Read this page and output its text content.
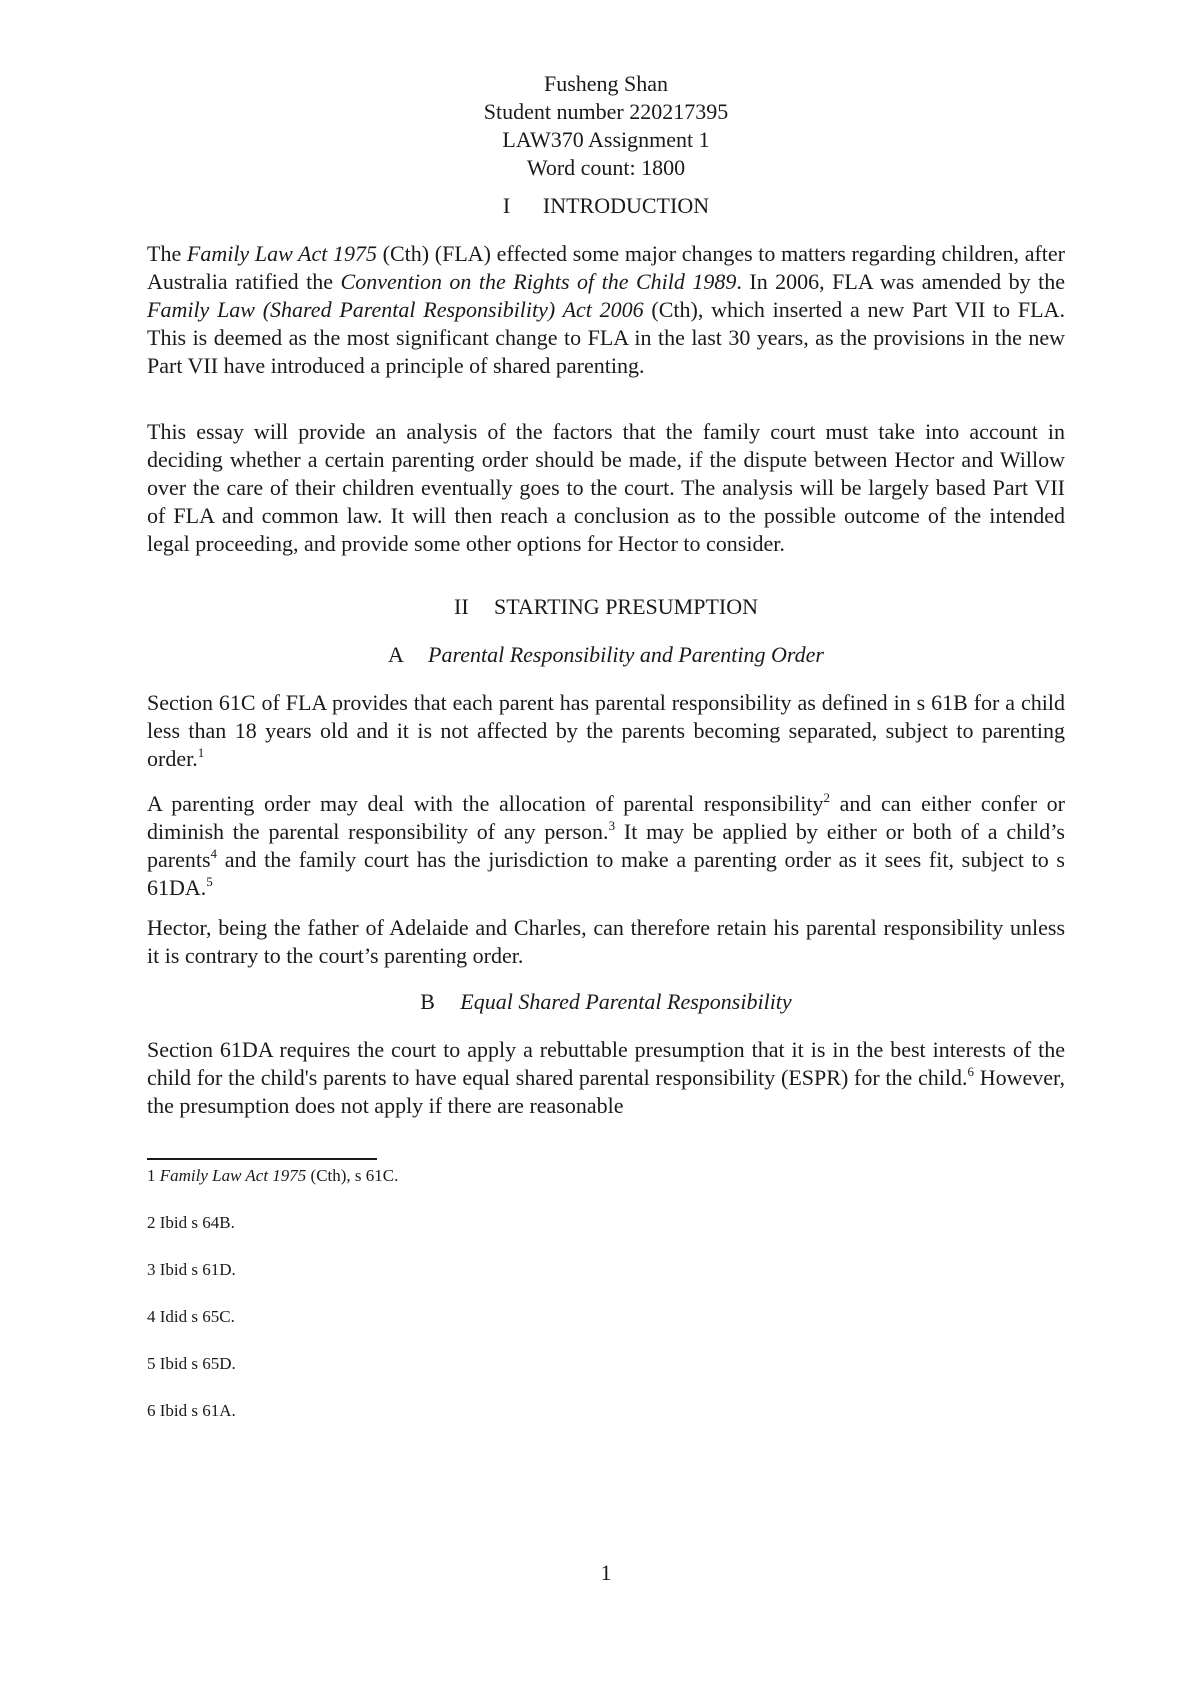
Fusheng Shan
Student number 220217395
LAW370 Assignment 1
Word count: 1800
I INTRODUCTION

The Family Law Act 1975 (Cth) (FLA) effected some major changes to matters regarding children, after Australia ratified the Convention on the Rights of the Child 1989. In 2006, FLA was amended by the Family Law (Shared Parental Responsibility) Act 2006 (Cth), which inserted a new Part VII to FLA. This is deemed as the most significant change to FLA in the last 30 years, as the provisions in the new Part VII have introduced a principle of shared parenting.

This essay will provide an analysis of the factors that the family court must take into account in deciding whether a certain parenting order should be made, if the dispute between Hector and Willow over the care of their children eventually goes to the court. The analysis will be largely based Part VII of FLA and common law. It will then reach a conclusion as to the possible outcome of the intended legal proceeding, and provide some other options for Hector to consider.

II STARTING PRESUMPTION
A Parental Responsibility and Parenting Order

Section 61C of FLA provides that each parent has parental responsibility as defined in s 61B for a child less than 18 years old and it is not affected by the parents becoming separated, subject to parenting order.$^1$

A parenting order may deal with the allocation of parental responsibility$^2$ and can either confer or diminish the parental responsibility of any person.$^3$ It may be applied by either or both of a child’s parents$^4$ and the family court has the jurisdiction to make a parenting order as it sees fit, subject to s 61DA.$^5$

Hector, being the father of Adelaide and Charles, can therefore retain his parental responsibility unless it is contrary to the court’s parenting order.

B Equal Shared Parental Responsibility

Section 61DA requires the court to apply a rebuttable presumption that it is in the best interests of the child for the child's parents to have equal shared parental responsibility (ESPR) for the child.$^6$ However, the presumption does not apply if there are reasonable

1 Family Law Act 1975 (Cth), s 61C.
2 Ibid s 64B.
3 Ibid s 61D.
4 Idid s 65C.
5 Ibid s 65D.
6 Ibid s 61A.
1
